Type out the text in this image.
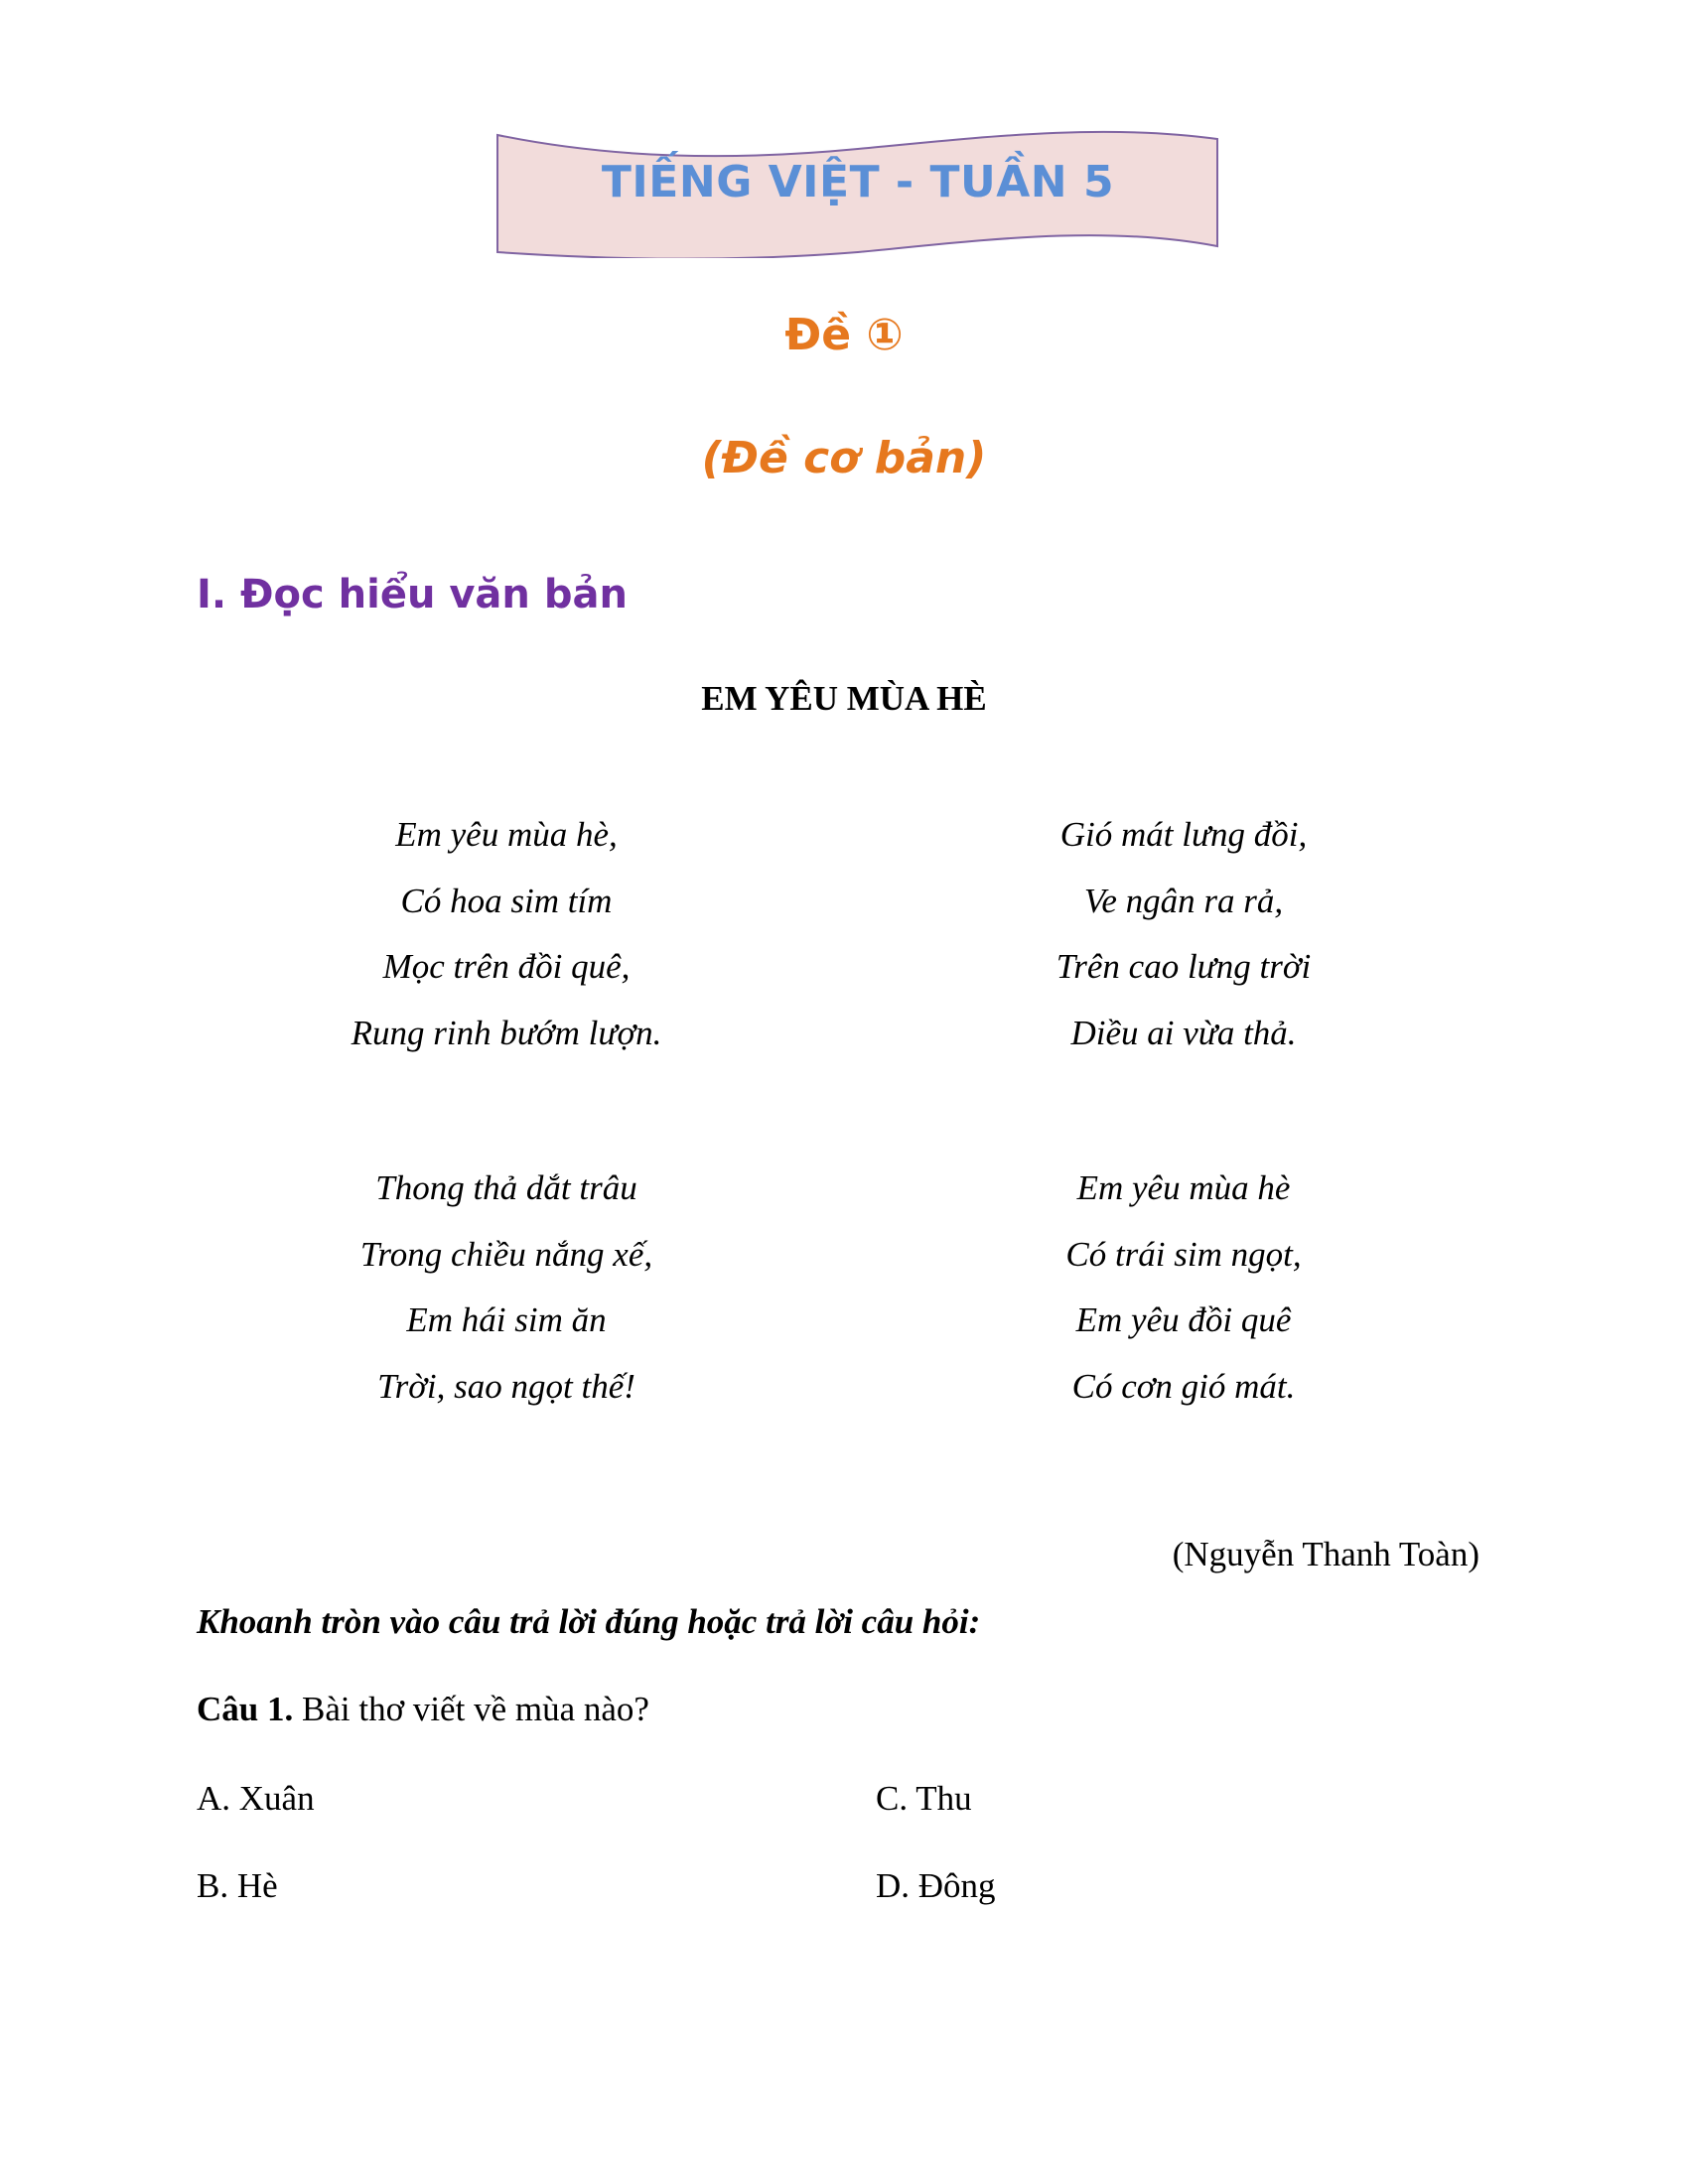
TIẾNG VIỆT - TUẦN 5
Đề ①
(Đề cơ bản)
I. Đọc hiểu văn bản
EM YÊU MÙA HÈ
Em yêu mùa hè,
Có hoa sim tím
Mọc trên đồi quê,
Rung rinh bướm lượn.
Gió mát lưng đồi,
Ve ngân ra rả,
Trên cao lưng trời
Diều ai vừa thả.
Thong thả dắt trâu
Trong chiều nắng xế,
Em hái sim ăn
Trời, sao ngọt thế!
Em yêu mùa hè
Có trái sim ngọt,
Em yêu đồi quê
Có cơn gió mát.
(Nguyễn Thanh Toàn)
Khoanh tròn vào câu trả lời đúng hoặc trả lời câu hỏi:
Câu 1. Bài thơ viết về mùa nào?
A. Xuân	C. Thu
B. Hè	D. Đông
